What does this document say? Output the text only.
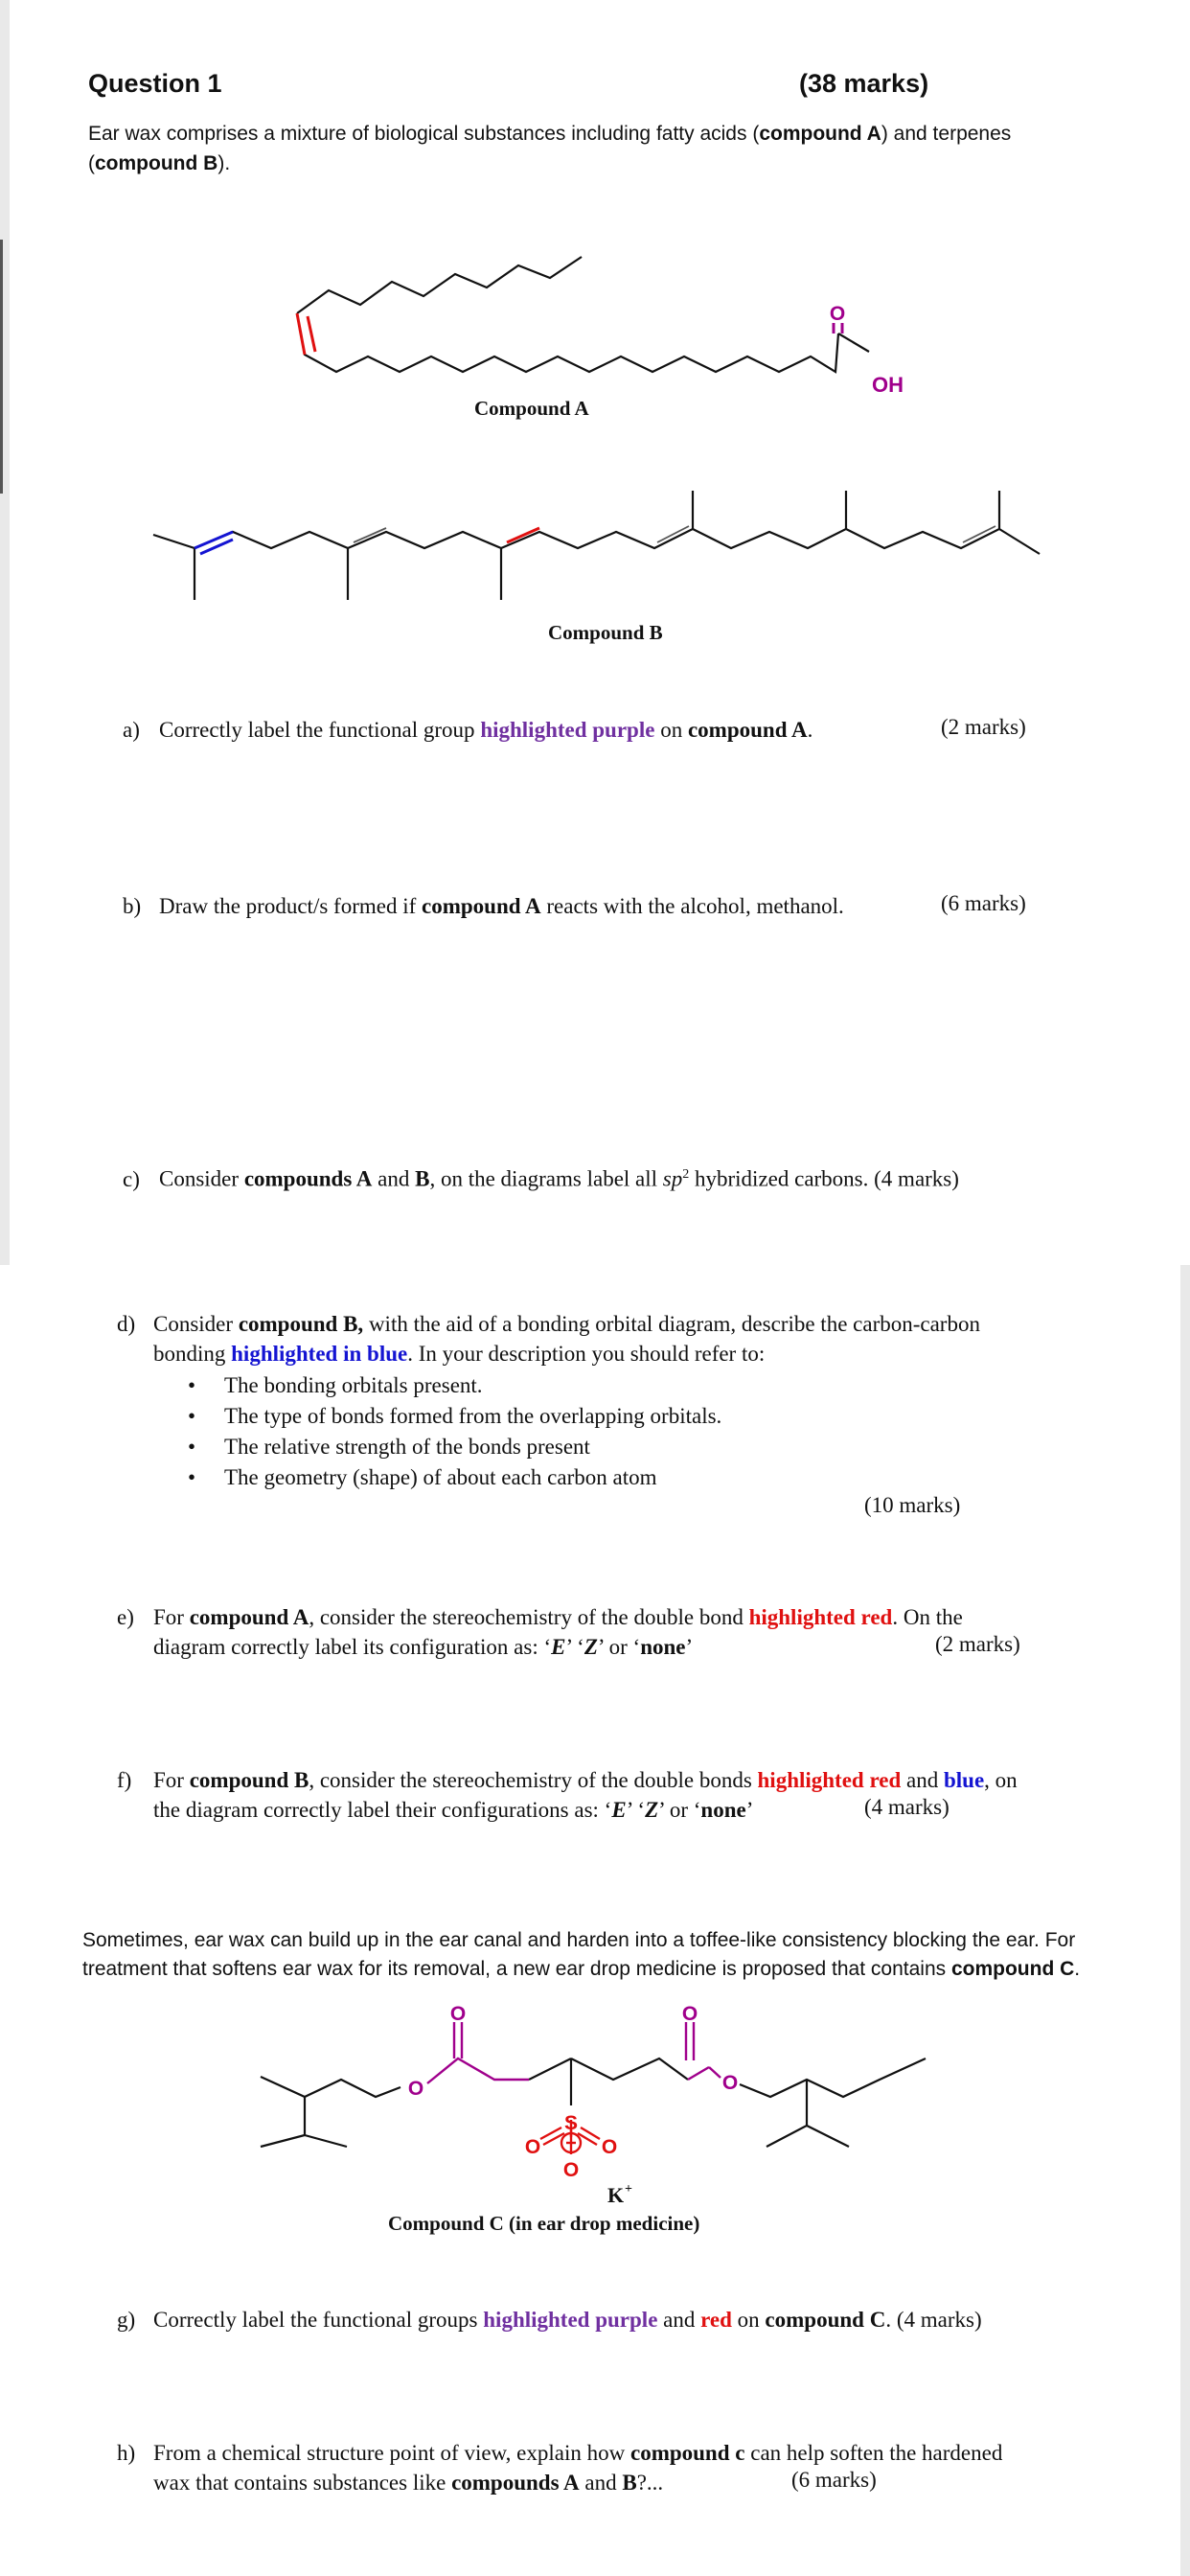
Question 1	(38 marks)
Ear wax comprises a mixture of biological substances including fatty acids (compound A) and terpenes (compound B).
O
OH
Compound A
Compound B
a) Correctly label the functional group highlighted purple on compound A.	(2 marks)
b) Draw the product/s formed if compound A reacts with the alcohol, methanol.	(6 marks)
c) Consider compounds A and B, on the diagrams label all $sp^2$ hybridized carbons. (4 marks)
d) Consider compound B, with the aid of a bonding orbital diagram, describe the carbon-carbon
bonding highlighted in blue. In your description you should refer to:
• The bonding orbitals present.
• The type of bonds formed from the overlapping orbitals.
• The relative strength of the bonds present
• The geometry (shape) of about each carbon atom
(10 marks)
e) For compound A, consider the stereochemistry of the double bond highlighted red. On the
diagram correctly label its configuration as: ‘E’ ‘Z’ or ‘none’	(2 marks)
f) For compound B, consider the stereochemistry of the double bonds highlighted red and blue, on
the diagram correctly label their configurations as: ‘E’ ‘Z’ or ‘none’	(4 marks)
Sometimes, ear wax can build up in the ear canal and harden into a toffee-like consistency blocking the ear. For treatment that softens ear wax for its removal, a new ear drop medicine is proposed that contains compound C.
O	O
O	O
S
O	O
O
K +
Compound C (in ear drop medicine)
g) Correctly label the functional groups highlighted purple and red on compound C. (4 marks)
h) From a chemical structure point of view, explain how compound c can help soften the hardened
wax that contains substances like compounds A and B?...	(6 marks)
